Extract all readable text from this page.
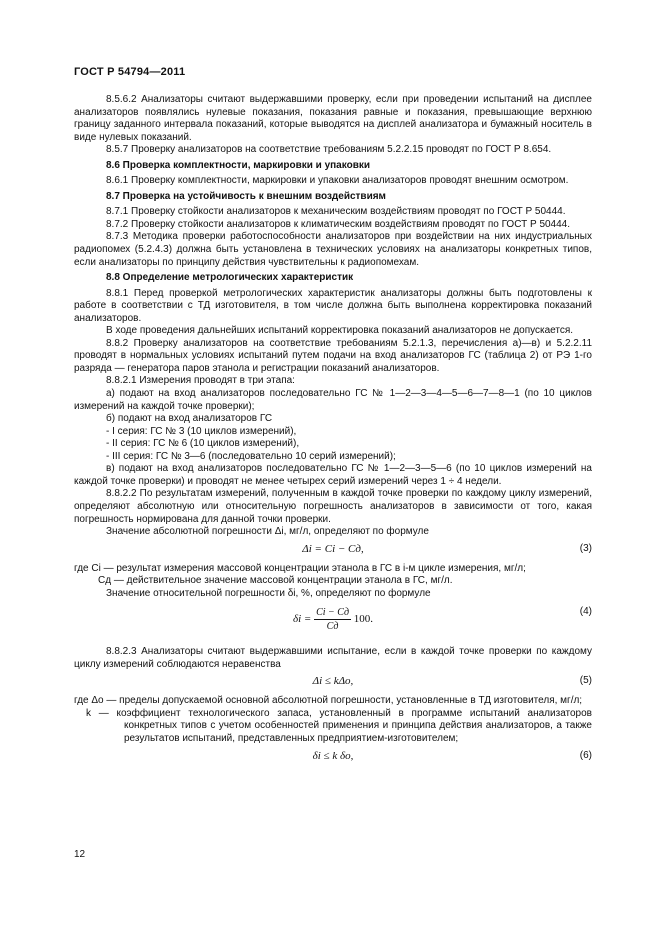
ГОСТ Р 54794—2011

8.5.6.2 Анализаторы считают выдержавшими проверку, если при проведении испытаний на дисплее анализаторов появлялись нулевые показания, показания равные и показания, превышающие верхнюю границу заданного интервала показаний, которые выводятся на дисплей анализатора и бумажный носитель в виде нулевых показаний.

8.5.7 Проверку анализаторов на соответствие требованиям 5.2.2.15 проводят по ГОСТ Р 8.654.

8.6 Проверка комплектности, маркировки и упаковки

8.6.1 Проверку комплектности, маркировки и упаковки анализаторов проводят внешним осмотром.

8.7 Проверка на устойчивость к внешним воздействиям

8.7.1 Проверку стойкости анализаторов к механическим воздействиям проводят по ГОСТ Р 50444.

8.7.2 Проверку стойкости анализаторов к климатическим воздействиям проводят по ГОСТ Р 50444.

8.7.3 Методика проверки работоспособности анализаторов при воздействии на них индустриальных радиопомех (5.2.4.3) должна быть установлена в технических условиях на анализаторы конкретных типов, если анализаторы по принципу действия чувствительны к радиопомехам.

8.8 Определение метрологических характеристик

8.8.1 Перед проверкой метрологических характеристик анализаторы должны быть подготовлены к работе в соответствии с ТД изготовителя, в том числе должна быть выполнена корректировка показаний анализаторов.

В ходе проведения дальнейших испытаний корректировка показаний анализаторов не допускается.

8.8.2 Проверку анализаторов на соответствие требованиям 5.2.1.3, перечисления а)—в) и 5.2.2.11 проводят в нормальных условиях испытаний путем подачи на вход анализаторов ГС (таблица 2) от РЭ 1-го разряда — генератора паров этанола и регистрации показаний анализаторов.

8.8.2.1 Измерения проводят в три этапа:

а) подают на вход анализаторов последовательно ГС № 1—2—3—4—5—6—7—8—1 (по 10 циклов измерений на каждой точке проверки);

б) подают на вход анализаторов ГС

- I серия: ГС № 3 (10 циклов измерений),

- II серия: ГС № 6 (10 циклов измерений),

- III серия: ГС № 3—6 (последовательно 10 серий измерений);

в) подают на вход анализаторов последовательно ГС № 1—2—3—5—6 (по 10 циклов измерений на каждой точке проверки) и проводят не менее четырех серий измерений через 1 ÷ 4 недели.

8.8.2.2 По результатам измерений, полученным в каждой точке проверки по каждому циклу измерений, определяют абсолютную или относительную погрешность анализаторов в зависимости от того, какая погрешность нормирована для данной точки проверки.

Значение абсолютной погрешности Δi, мг/л, определяют по формуле

Δi = Ci − Cд,	(3)

где Ci — результат измерения массовой концентрации этанола в ГС в i-м цикле измерения, мг/л;

Cд — действительное значение массовой концентрации этанола в ГС, мг/л.

Значение относительной погрешности δi, %, определяют по формуле

$\delta i = \frac{Ci - Cд}{Cд} 100$.
(4)

8.8.2.3 Анализаторы считают выдержавшими испытание, если в каждой точке проверки по каждому циклу измерений соблюдаются неравенства

Δi ≤ kΔо,	(5)

где Δо — пределы допускаемой основной абсолютной погрешности, установленные в ТД изготовителя, мг/л;

k — коэффициент технологического запаса, установленный в программе испытаний анализаторов конкретных типов с учетом особенностей применения и принципа действия анализаторов, а также результатов испытаний, представленных предприятием-изготовителем;

δi ≤ k δо,	(6)
12
